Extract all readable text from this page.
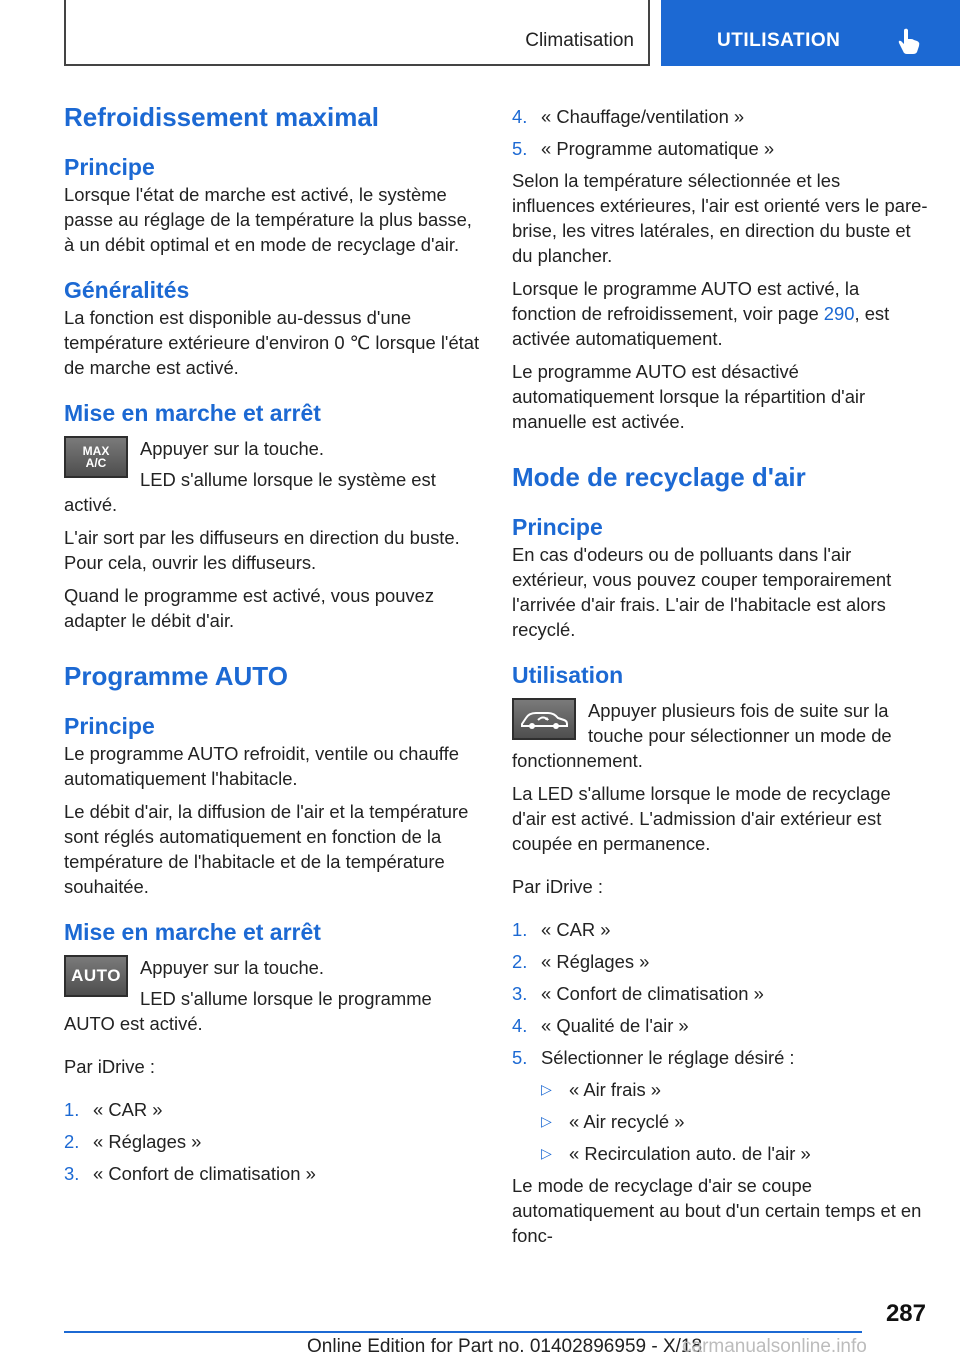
Climatisation	UTILISATION
Refroidissement maximal
Principe

Lorsque l'état de marche est activé, le système passe au réglage de la température la plus basse, à un débit optimal et en mode de recyclage d'air.

Généralités

La fonction est disponible au-dessus d'une température extérieure d'environ 0 ℃ lorsque l'état de marche est activé.

Mise en marche et arrêt
MAX
A/C

Appuyer sur la touche.

LED s'allume lorsque le système est activé.

L'air sort par les diffuseurs en direction du buste. Pour cela, ouvrir les diffuseurs.

Quand le programme est activé, vous pouvez adapter le débit d'air.

Programme AUTO
Principe

Le programme AUTO refroidit, ventile ou chauffe automatiquement l'habitacle.

Le débit d'air, la diffusion de l'air et la température sont réglés automatiquement en fonction de la température de l'habitacle et de la température souhaitée.

Mise en marche et arrêt
AUTO	Appuyer sur la touche.

LED s'allume lorsque le programme AUTO est activé.

Par iDrive :

1. « CAR »
2. « Réglages »
3. « Confort de climatisation »
4. « Chauffage/ventilation »
5. « Programme automatique »

Selon la température sélectionnée et les influences extérieures, l'air est orienté vers le pare-brise, les vitres latérales, en direction du buste et du plancher.

Lorsque le programme AUTO est activé, la fonction de refroidissement, voir page 290, est activée automatiquement.

Le programme AUTO est désactivé automatiquement lorsque la répartition d'air manuelle est activée.

Mode de recyclage d'air
Principe

En cas d'odeurs ou de polluants dans l'air extérieur, vous pouvez couper temporairement l'arrivée d'air frais. L'air de l'habitacle est alors recyclé.

Utilisation

Appuyer plusieurs fois de suite sur la touche pour sélectionner un mode de fonctionnement.

La LED s'allume lorsque le mode de recyclage d'air est activé. L'admission d'air extérieur est coupée en permanence.

Par iDrive :

1. « CAR »
2. « Réglages »
3. « Confort de climatisation »
4. « Qualité de l'air »
5. Sélectionner le réglage désiré :
▷ « Air frais »
▷ « Air recyclé »
▷ « Recirculation auto. de l'air »

Le mode de recyclage d'air se coupe automatiquement au bout d'un certain temps et en fonc-

287
Online Edition for Part no. 01402896959 - X/18
carmanualsonline.info
